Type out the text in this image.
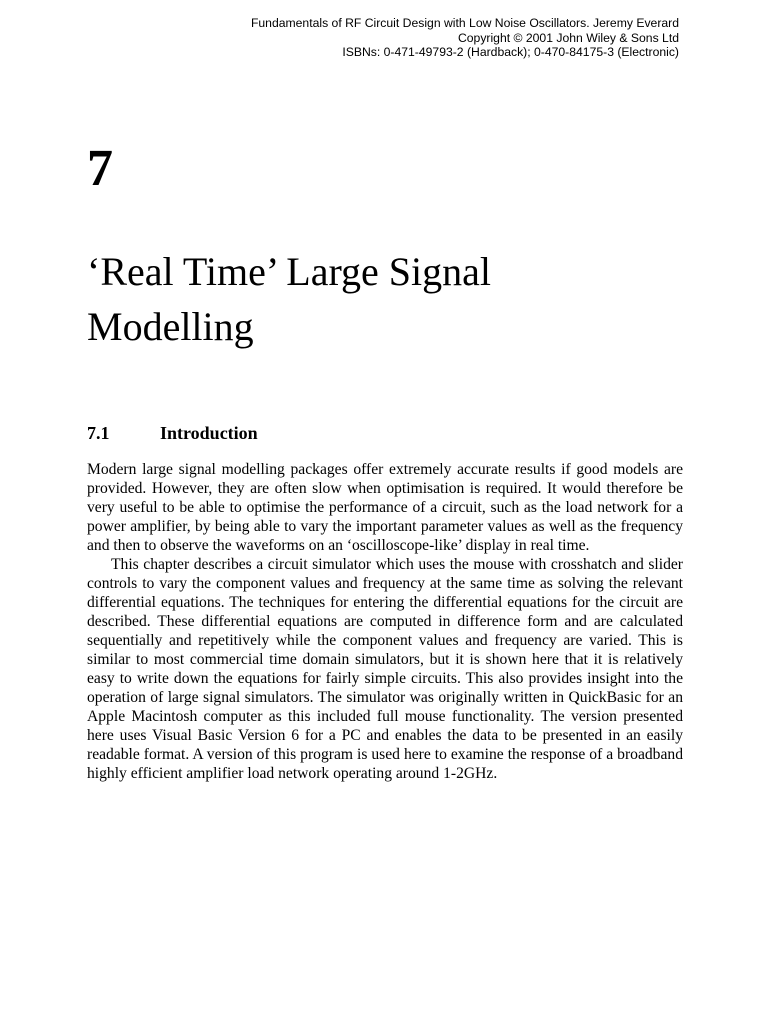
Fundamentals of RF Circuit Design with Low Noise Oscillators. Jeremy Everard
Copyright © 2001 John Wiley & Sons Ltd
ISBNs: 0-471-49793-2 (Hardback); 0-470-84175-3 (Electronic)
7
‘Real Time’ Large Signal
Modelling
7.1	Introduction

Modern large signal modelling packages offer extremely accurate results if good models are provided. However, they are often slow when optimisation is required. It would therefore be very useful to be able to optimise the performance of a circuit, such as the load network for a power amplifier, by being able to vary the important parameter values as well as the frequency and then to observe the waveforms on an ‘oscilloscope-like’ display in real time.

This chapter describes a circuit simulator which uses the mouse with crosshatch and slider controls to vary the component values and frequency at the same time as solving the relevant differential equations. The techniques for entering the differential equations for the circuit are described. These differential equations are computed in difference form and are calculated sequentially and repetitively while the component values and frequency are varied. This is similar to most commercial time domain simulators, but it is shown here that it is relatively easy to write down the equations for fairly simple circuits. This also provides insight into the operation of large signal simulators. The simulator was originally written in QuickBasic for an Apple Macintosh computer as this included full mouse functionality. The version presented here uses Visual Basic Version 6 for a PC and enables the data to be presented in an easily readable format. A version of this program is used here to examine the response of a broadband highly efficient amplifier load network operating around 1-2GHz.
